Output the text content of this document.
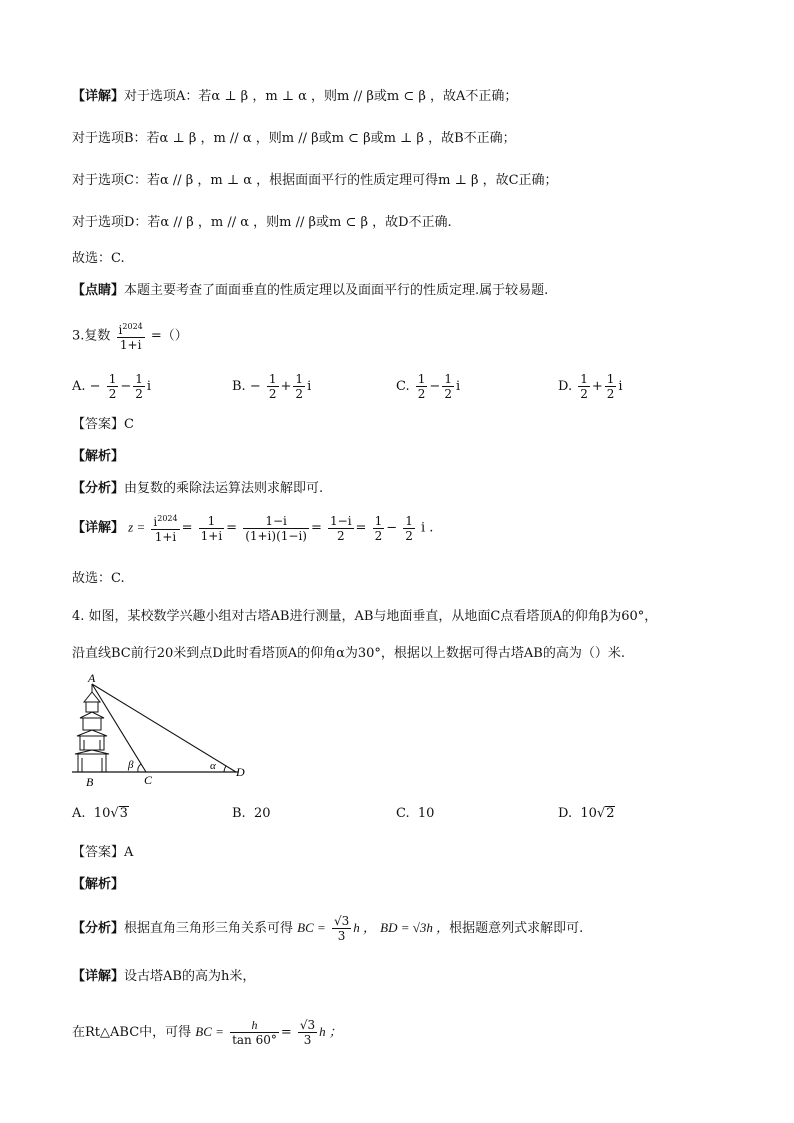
【详解】对于选项A：若α ⊥ β ，m ⊥ α ，则m // β或m ⊂ β ，故A不正确；
对于选项B：若α ⊥ β ，m // α ，则m // β或m ⊂ β或m ⊥ β ，故B不正确；
对于选项C：若α // β ，m ⊥ α ，根据面面平行的性质定理可得m ⊥ β ，故C正确；
对于选项D：若α // β ，m // α ，则m // β或m ⊂ β ，故D不正确.
故选：C.
【点睛】本题主要考查了面面垂直的性质定理以及面面平行的性质定理.属于较易题.
3.复数 $\frac{i^{2024}}{1+i}$ =（）
A. − $\frac{1}{2} - \frac{1}{2}$ i	B. − $\frac{1}{2} + \frac{1}{2}$ i	C. $\frac{1}{2} - \frac{1}{2}$ i	D. $\frac{1}{2} + \frac{1}{2}$ i
【答案】C
【解析】
【分析】由复数的乘除法运算法则求解即可.
【详解】 $z = \frac{i^{2024}}{1+i} = \frac{1}{1+i} = \frac{1-i}{(1+i)(1-i)} = \frac{1-i}{2} = \frac{1}{2} - \frac{1}{2}$ i .
故选：C.
4. 如图，某校数学兴趣小组对古塔AB进行测量，AB与地面垂直，从地面C点看塔顶A的仰角β为60°，
沿直线BC前行20米到点D此时看塔顶A的仰角α为30°，根据以上数据可得古塔AB的高为（）米.
A
B	C
D
β	α
A. 10√3	B. 20	C. 10	D. 10√2
【答案】A
【解析】
【分析】根据直角三角形三角关系可得 BC = $\frac{√3}{3}$ h ， BD = √3h ，根据题意列式求解即可.
【详解】设古塔AB的高为h米，
在Rt△ABC中，可得 BC = $\frac{h}{\tan 60^\circ} = \frac{√3}{3}$ h ；
